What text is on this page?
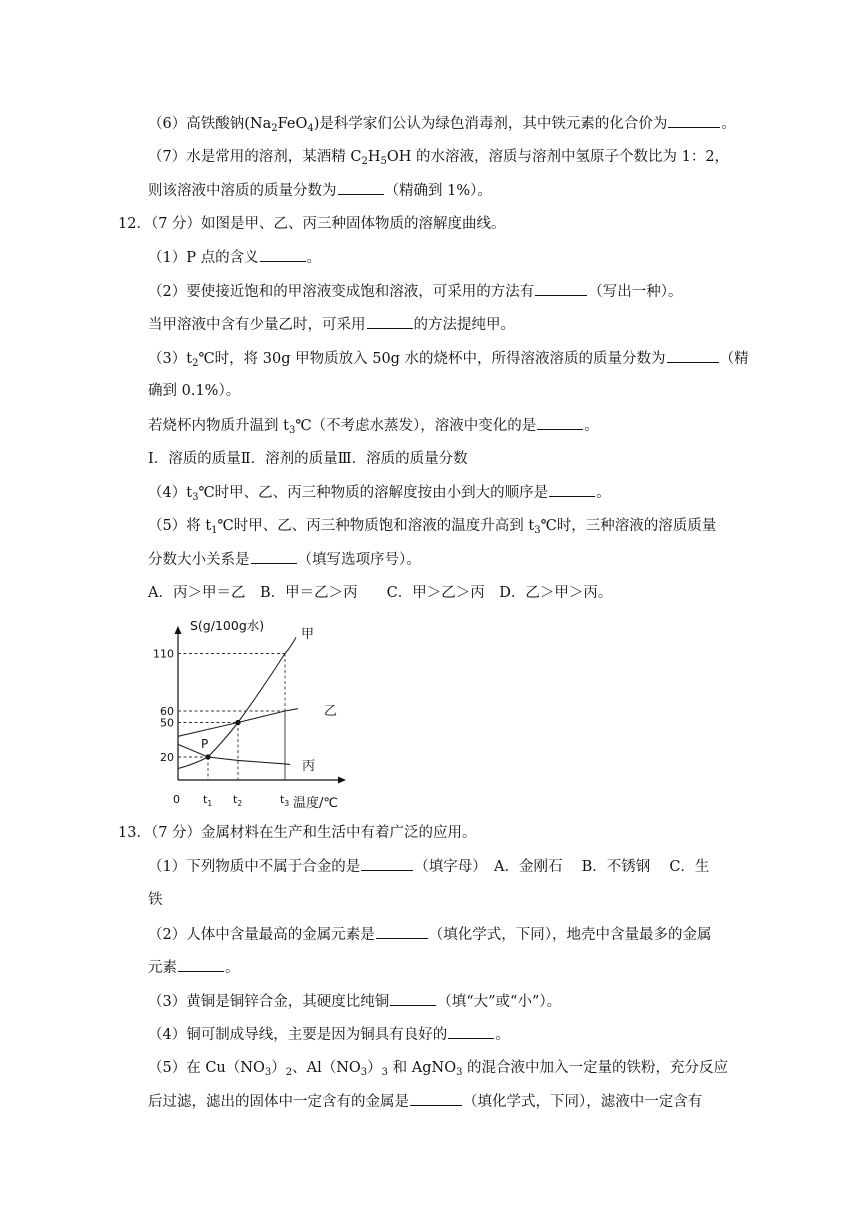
（6）高铁酸钠$(Na_2FeO_4)$是科学家们公认为绿色消毒剂，其中铁元素的化合价为	。
（7）水是常用的溶剂，某酒精 $C_2H_5OH$ 的水溶液，溶质与溶剂中氢原子个数比为 1：2，
则该溶液中溶质的质量分数为	（精确到 1%）。
12．（7 分）如图是甲、乙、丙三种固体物质的溶解度曲线。
（1）P 点的含义	。
（2）要使接近饱和的甲溶液变成饱和溶液，可采用的方法有	（写出一种）。
当甲溶液中含有少量乙时，可采用	的方法提纯甲。
$(3)t_2℃$时，将 30g 甲物质放入 50g 水的烧杯中，所得溶液溶质的质量分数为	（精
确到 0.1%）。
若烧杯内物质升温到 $t_3℃$（不考虑水蒸发），溶液中变化的是	。
Ⅰ．溶质的质量Ⅱ．溶剂的质量Ⅲ．溶质的质量分数
$(4)t_3℃$时甲、乙、丙三种物质的溶解度按由小到大的顺序是	。
（5）将 $t_1℃$时甲、乙、丙三种物质饱和溶液的温度升高到 $t_3℃$时，三种溶液的溶质质量
分数大小关系是	（填写选项序号）。
A．丙＞甲＝乙　B．甲＝乙＞丙　　C．甲＞乙＞丙　D．乙＞甲＞丙。
S(g/100g水)
温度/℃
0
110
60
50
20
$t_1$ $t_2$	$t_3$
甲
乙
丙
P
13．（7 分）金属材料在生产和生活中有着广泛的应用。
（1）下列物质中不属于合金的是	（填字母）　A．金刚石　 B．不锈钢　 C．生
铁
（2）人体中含量最高的金属元素是	（填化学式，下同），地壳中含量最多的金属
元素	。
（3）黄铜是铜锌合金，其硬度比纯铜	（填“大”或“小”）。
（4）铜可制成导线，主要是因为铜具有良好的	。
（5）在 $Cu(NO_3)_2$、$Al(NO_3)_3$ 和 AgNO$_3$ 的混合液中加入一定量的铁粉，充分反应
后过滤，滤出的固体中一定含有的金属是	（填化学式，下同），滤液中一定含有
